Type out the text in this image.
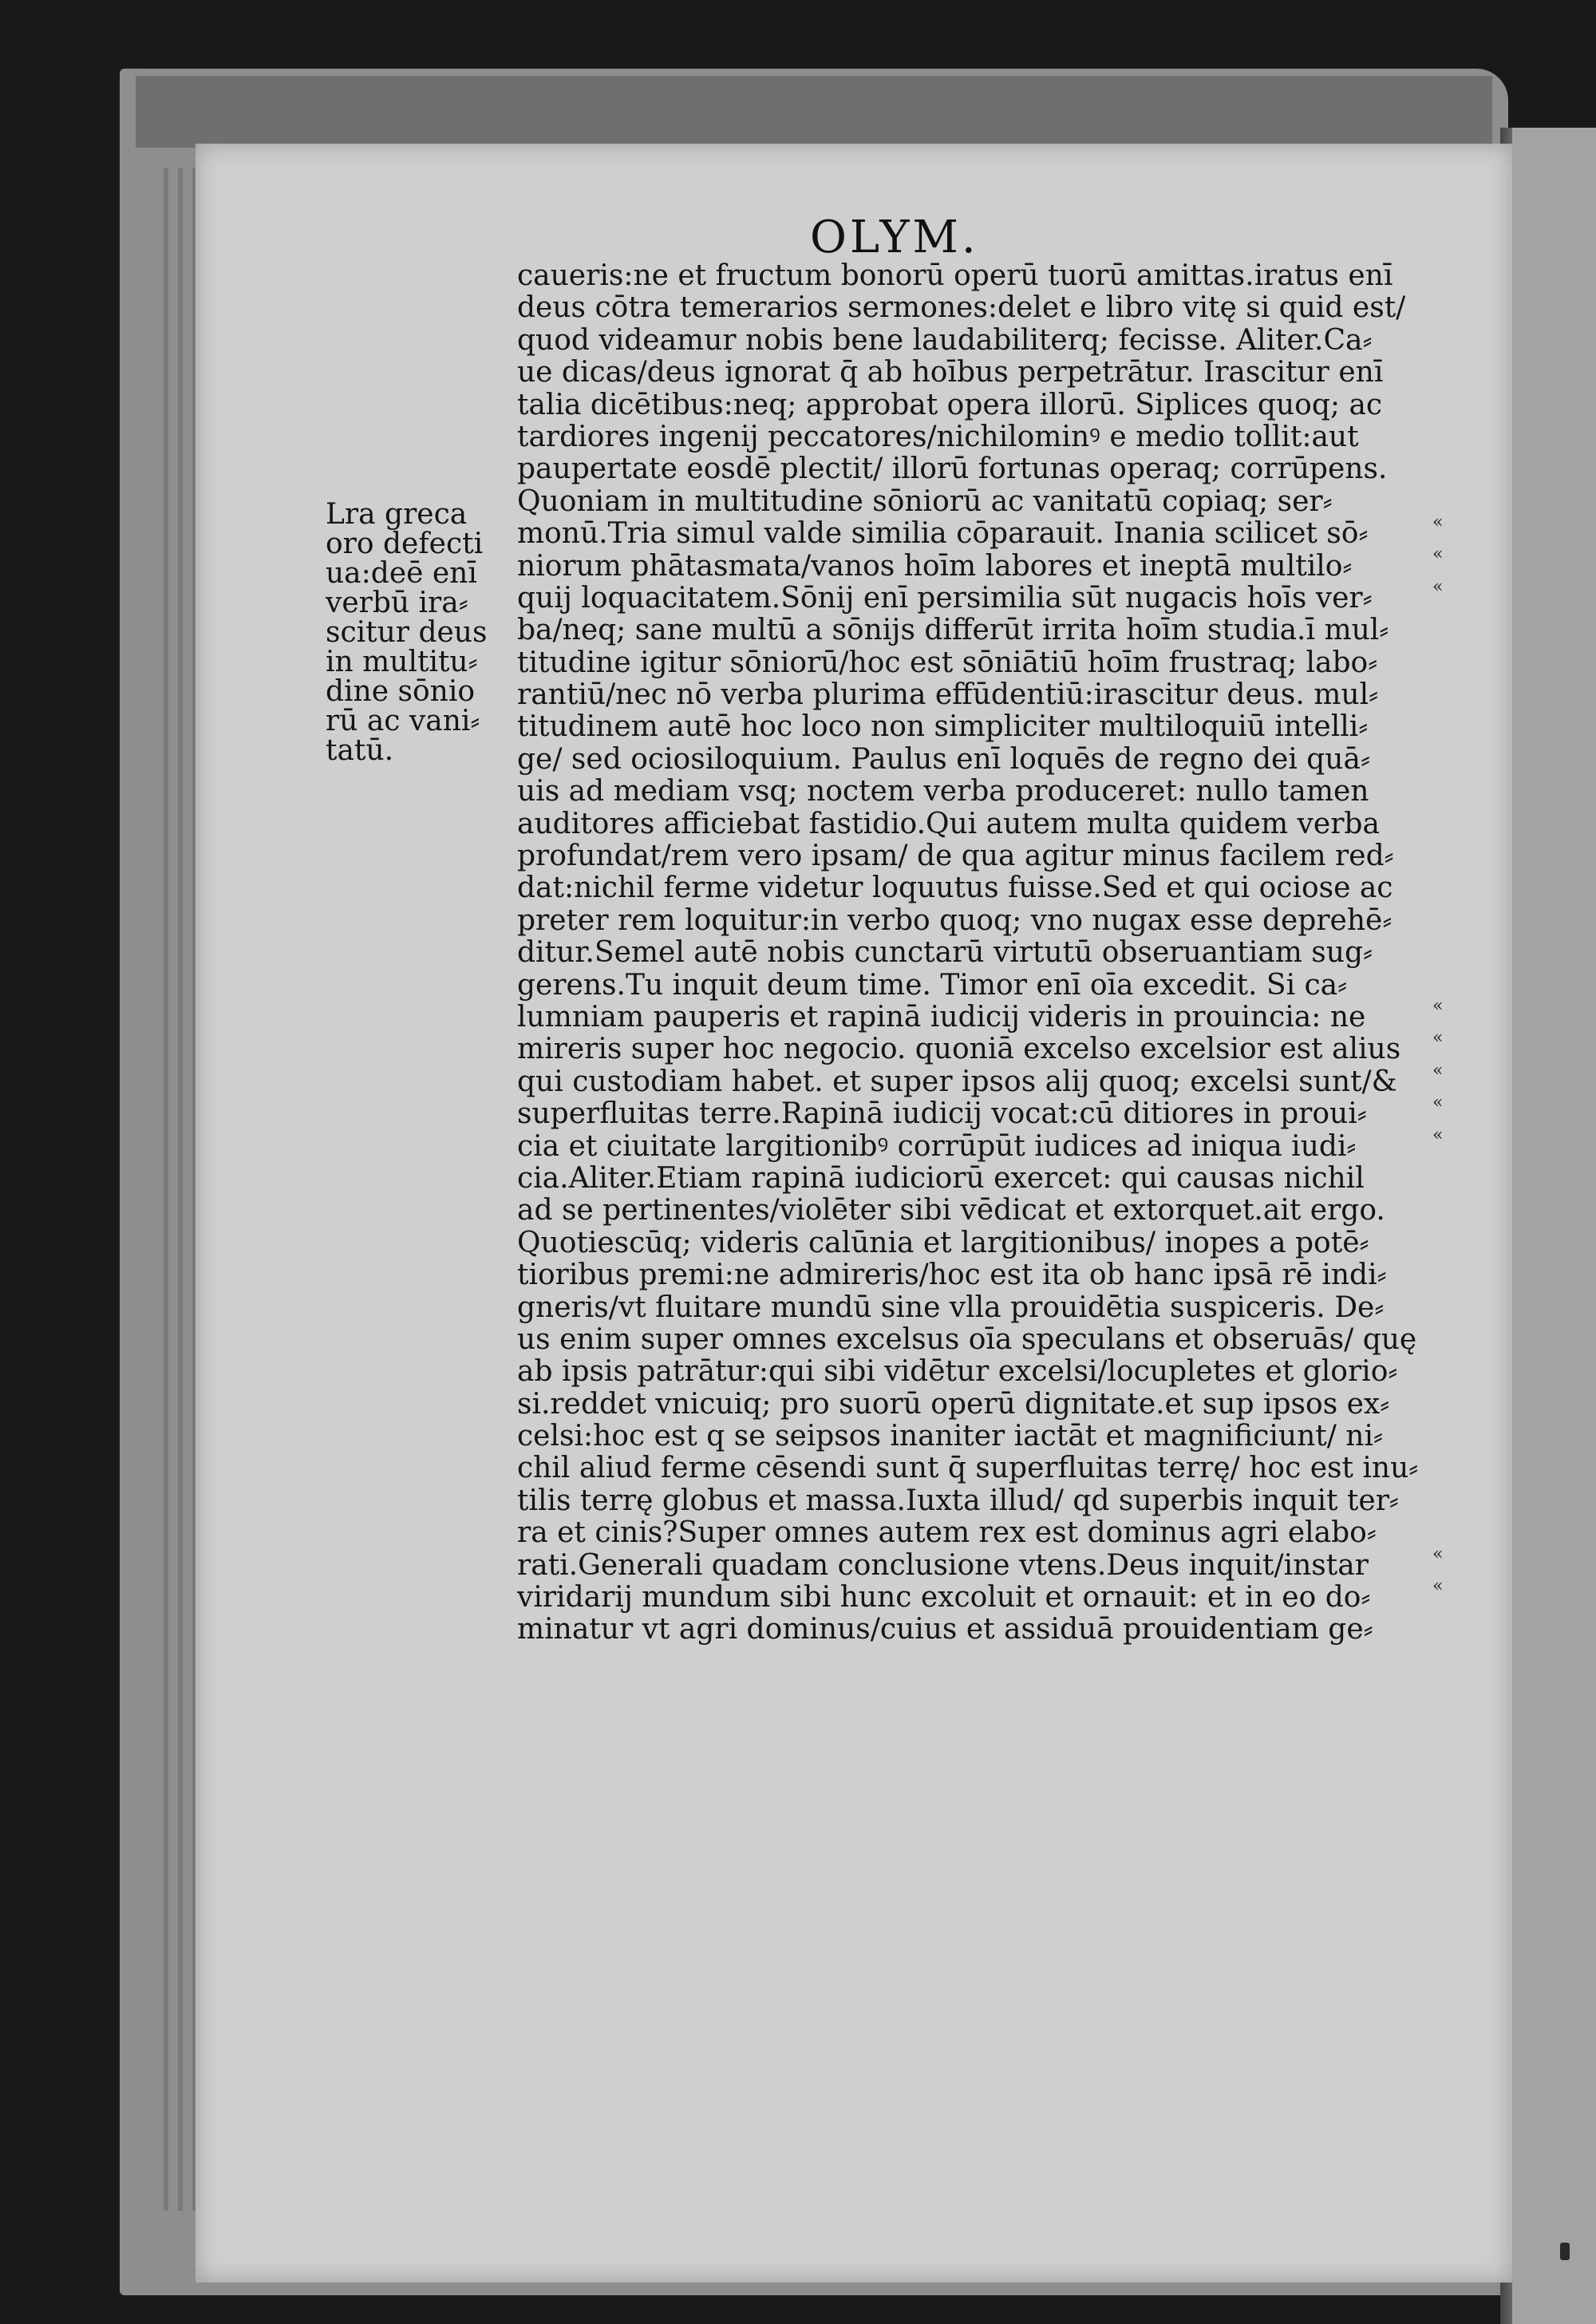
OLYM.
Lra greca
oro defecti
ua:deē enī
verbū ira⸗
scitur deus
in multitu⸗
dine sōnio
rū ac vani⸗
tatū.
caueris:ne et fructum bonorū operū tuorū amittas.iratus enī
deus cōtra temerarios sermones:delet e libro vitę si quid est/
quod videamur nobis bene laudabiliterq; fecisse. Aliter.Ca⸗
ue dicas/deus ignorat q̄ ab hoībus perpetrātur. Irascitur enī
talia dicētibus:neq; approbat opera illorū. Siplices quoq; ac
tardiores ingenij peccatores/nichilominꝰ e medio tollit:aut
paupertate eosdē plectit/ illorū fortunas operaq; corrūpens.
Quoniam in multitudine sōniorū ac vanitatū copiaq; ser⸗
monū.Tria simul valde similia cōparauit. Inania scilicet sō⸗
niorum phātasmata/vanos hoīm labores et ineptā multilo⸗
quij loquacitatem.Sōnij enī persimilia sūt nugacis hoīs ver⸗
ba/neq; sane multū a sōnijs differūt irrita hoīm studia.ī mul⸗
titudine igitur sōniorū/hoc est sōniātiū hoīm frustraq; labo⸗
rantiū/nec nō verba plurima effūdentiū:irascitur deus. mul⸗
titudinem autē hoc loco non simpliciter multiloquiū intelli⸗
ge/ sed ociosiloquium. Paulus enī loquēs de regno dei quā⸗
uis ad mediam vsq; noctem verba produceret: nullo tamen
auditores afficiebat fastidio.Qui autem multa quidem verba
profundat/rem vero ipsam/ de qua agitur minus facilem red⸗
dat:nichil ferme videtur loquutus fuisse.Sed et qui ociose ac
preter rem loquitur:in verbo quoq; vno nugax esse deprehē⸗
ditur.Semel autē nobis cunctarū virtutū obseruantiam sug⸗
gerens.Tu inquit deum time. Timor enī oīa excedit. Si ca⸗
lumniam pauperis et rapinā iudicij videris in prouincia: ne
mireris super hoc negocio. quoniā excelso excelsior est alius
qui custodiam habet. et super ipsos alij quoq; excelsi sunt/&
superfluitas terre.Rapinā iudicij vocat:cū ditiores in proui⸗
cia et ciuitate largitionibꝰ corrūpūt iudices ad iniqua iudi⸗
cia.Aliter.Etiam rapinā iudiciorū exercet: qui causas nichil
ad se pertinentes/violēter sibi vēdicat et extorquet.ait ergo.
Quotiescūq; videris calūnia et largitionibus/ inopes a potē⸗
tioribus premi:ne admireris/hoc est ita ob hanc ipsā rē indi⸗
gneris/vt fluitare mundū sine vlla prouidētia suspiceris. De⸗
us enim super omnes excelsus oīa speculans et obseruās/ quę
ab ipsis patrātur:qui sibi vidētur excelsi/locupletes et glorio⸗
si.reddet vnicuiq; pro suorū operū dignitate.et sup ipsos ex⸗
celsi:hoc est q se seipsos inaniter iactāt et magnificiunt/ ni⸗
chil aliud ferme cēsendi sunt q̄ superfluitas terrę/ hoc est inu⸗
tilis terrę globus et massa.Iuxta illud/ qd superbis inquit ter⸗
ra et cinis?Super omnes autem rex est dominus agri elabo⸗
rati.Generali quadam conclusione vtens.Deus inquit/instar
viridarij mundum sibi hunc excoluit et ornauit: et in eo do⸗
minatur vt agri dominus/cuius et assiduā prouidentiam ge⸗
«
«
«
«
«
«
«
«
«
«
